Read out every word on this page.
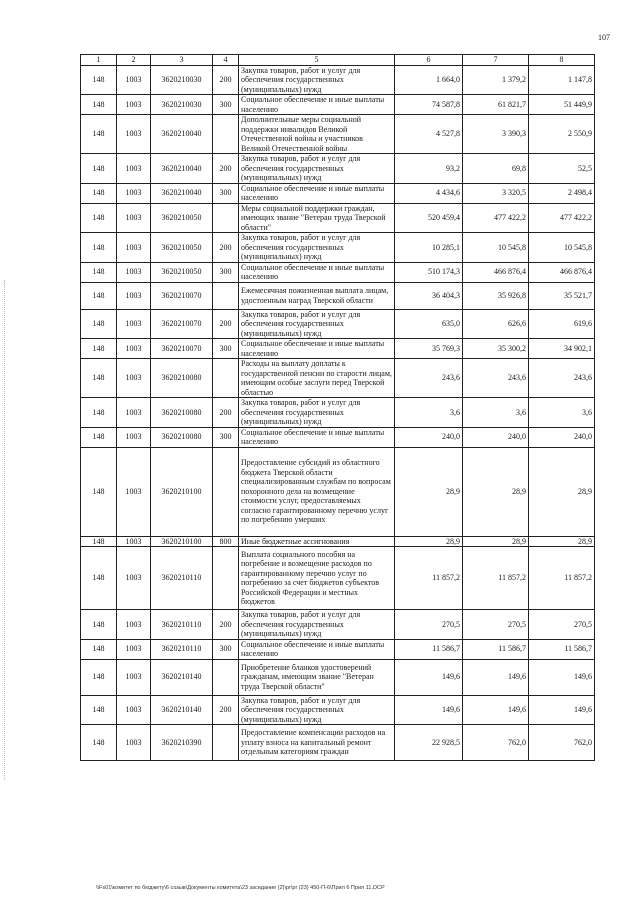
107
1	2	3	4	5	6	7	8
148	1003	3620210030	200	Закупка товаров, работ и услуг для обеспечения государственных (муниципальных) нужд	1 664,0	1 379,2	1 147,8
148	1003	3620210030	300	Социальное обеспечение и иные выплаты населению	74 587,8	61 821,7	51 449,9
148	1003	3620210040		Дополнительные меры социальной поддержки инвалидов Великой Отечественной войны и участников Великой Отечественной войны	4 527,8	3 390,3	2 550,9
148	1003	3620210040	200	Закупка товаров, работ и услуг для обеспечения государственных (муниципальных) нужд	93,2	69,8	52,5
148	1003	3620210040	300	Социальное обеспечение и иные выплаты населению	4 434,6	3 320,5	2 498,4
148	1003	3620210050		Меры социальной поддержки граждан, имеющих звание "Ветеран труда Тверской области"	520 459,4	477 422,2	477 422,2
148	1003	3620210050	200	Закупка товаров, работ и услуг для обеспечения государственных (муниципальных) нужд	10 285,1	10 545,8	10 545,8
148	1003	3620210050	300	Социальное обеспечение и иные выплаты населению	510 174,3	466 876,4	466 876,4
148	1003	3620210070		Ежемесячная пожизненная выплата лицам, удостоенным наград Тверской области	36 404,3	35 926,8	35 521,7
148	1003	3620210070	200	Закупка товаров, работ и услуг для обеспечения государственных (муниципальных) нужд	635,0	626,6	619,6
148	1003	3620210070	300	Социальное обеспечение и иные выплаты населению	35 769,3	35 300,2	34 902,1
148	1003	3620210080		Расходы на выплату доплаты к государственной пенсии по старости лицам, имеющим особые заслуги перед Тверской областью	243,6	243,6	243,6
148	1003	3620210080	200	Закупка товаров, работ и услуг для обеспечения государственных (муниципальных) нужд	3,6	3,6	3,6
148	1003	3620210080	300	Социальное обеспечение и иные выплаты населению	240,0	240,0	240,0
148	1003	3620210100		Предоставление субсидий из областного бюджета Тверской области специализированным службам по вопросам похоронного дела на возмещение стоимости услуг, предоставляемых согласно гарантированному перечню услуг по погребению умерших	28,9	28,9	28,9
148	1003	3620210100	800	Иные бюджетные ассигнования	28,9	28,9	28,9
148	1003	3620210110		Выплата социального пособия на погребение и возмещение расходов по гарантированному перечню услуг по погребению за счет бюджетов субъектов Российской Федерации и местных бюджетов	11 857,2	11 857,2	11 857,2
148	1003	3620210110	200	Закупка товаров, работ и услуг для обеспечения государственных (муниципальных) нужд	270,5	270,5	270,5
148	1003	3620210110	300	Социальное обеспечение и иные выплаты населению	11 586,7	11 586,7	11 586,7
148	1003	3620210140		Приобретение бланков удостоверений гражданам, имеющим звание "Ветеран труда Тверской области"	149,6	149,6	149,6
148	1003	3620210140	200	Закупка товаров, работ и услуг для обеспечения государственных (муниципальных) нужд	149,6	149,6	149,6
148	1003	3620210390		Предоставление компенсации расходов на уплату взноса на капитальный ремонт отдельным категориям граждан	22 928,5	762,0	762,0
\\Fs01\комитет по бюджету\6 созыв\Документы комитета\23 заседание (2)\pr\pr (23) 450-П-6\Прил 6 Прил 11.DCP
